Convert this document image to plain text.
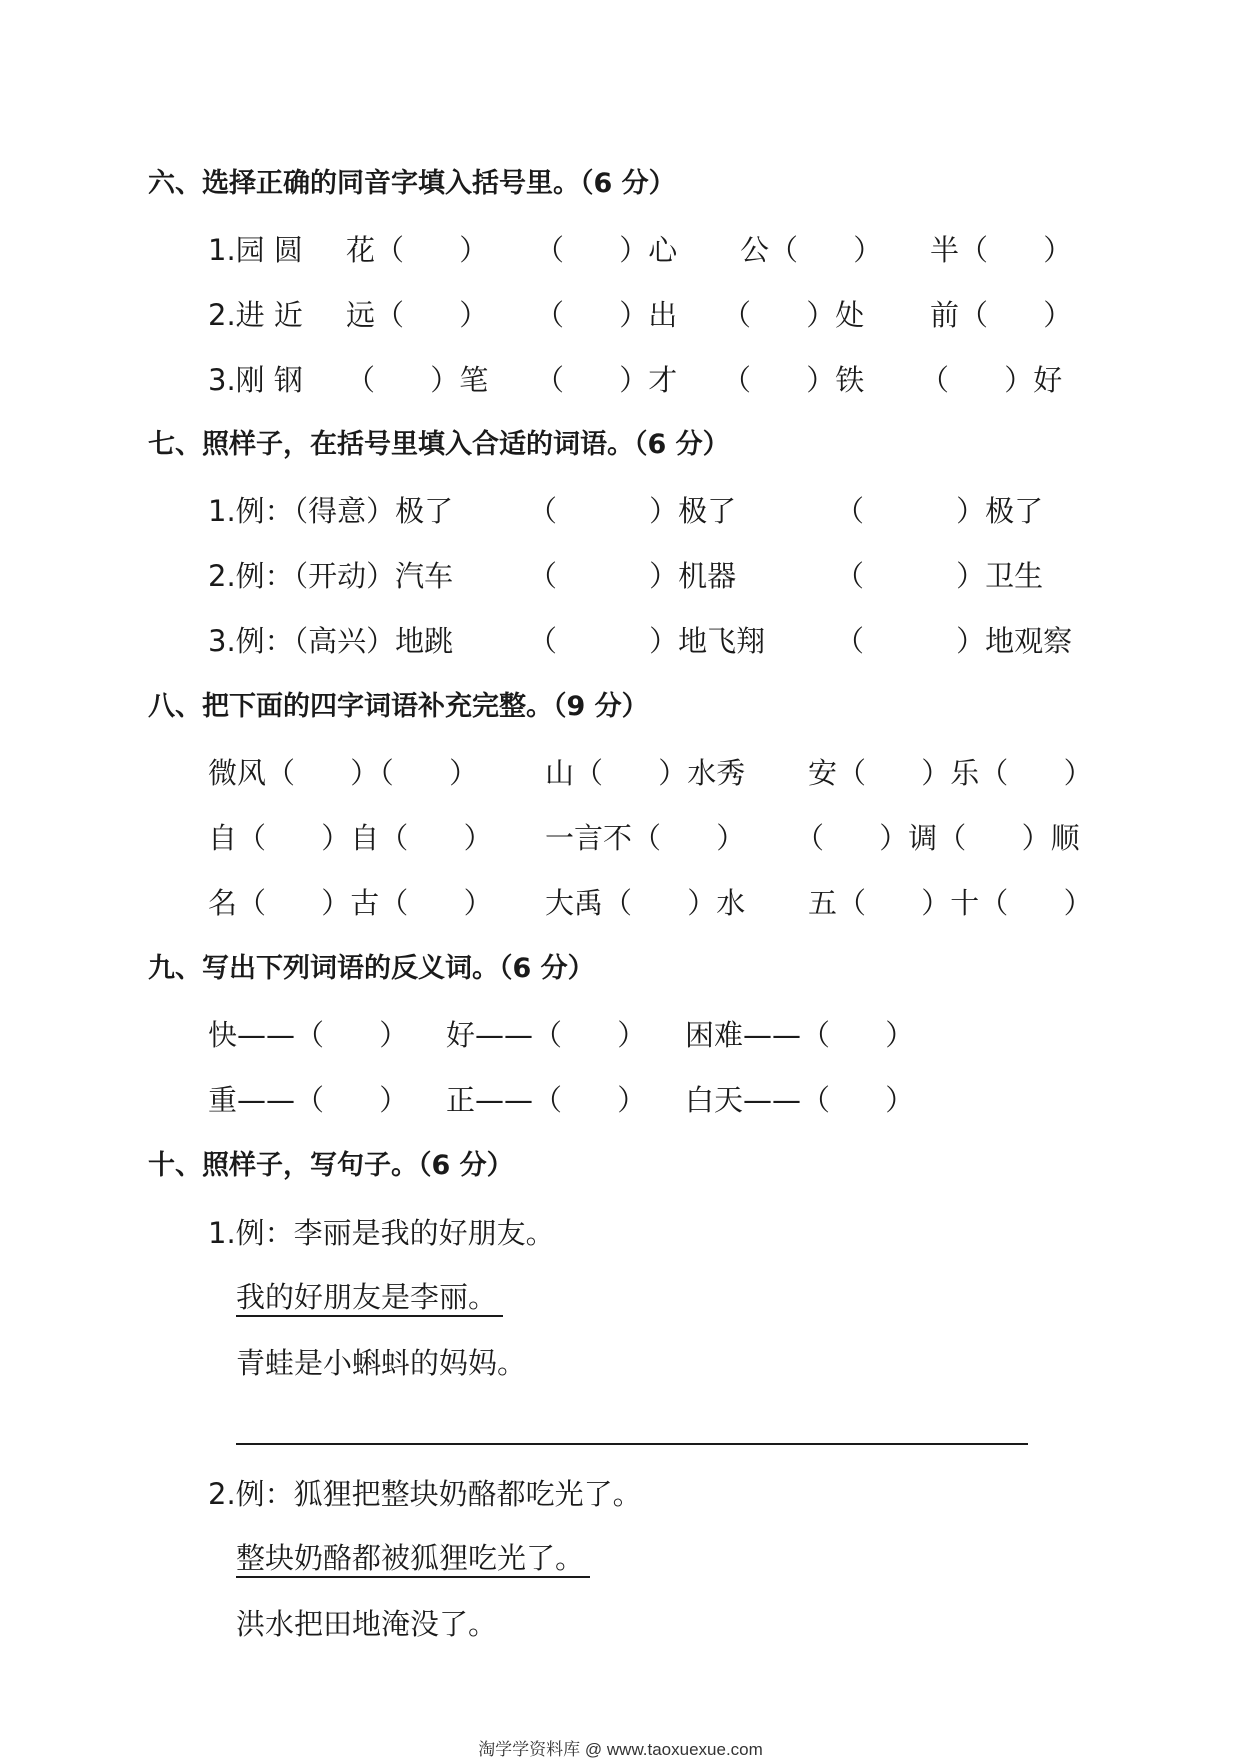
六、选择正确的同音字填入括号里。（6 分）
1.园 圆 花（      ） （      ）心 公（      ） 半（      ）
2.进 近 远（      ） （      ）出 （      ）处 前（      ）
3.刚 钢 （      ）笔 （      ）才 （      ）铁 （      ）好
七、照样子，在括号里填入合适的词语。（6 分）
1.例：（得意）极了	（          ）极了	（          ）极了
2.例：（开动）汽车	（          ）机器	（          ）卫生
3.例：（高兴）地跳	（          ）地飞翔 （          ）地观察
八、把下面的四字词语补充完整。（9 分）
微风（      ）（      ） 山（      ）水秀 安（      ）乐（      ）
自（      ）自（      ） 一言不（      ） （      ）调（      ）顺
名（      ）古（      ） 大禹（      ）水 五（      ）十（      ）
九、写出下列词语的反义词。（6 分）
快——（      ） 好——（      ） 困难——（      ）
重——（      ） 正——（      ） 白天——（      ）
十、照样子，写句子。（6 分）
1.例：李丽是我的好朋友。
我的好朋友是李丽。
青蛙是小蝌蚪的妈妈。
2.例：狐狸把整块奶酪都吃光了。
整块奶酪都被狐狸吃光了。
洪水把田地淹没了。
淘学学资料库 @ www.taoxuexue.com
